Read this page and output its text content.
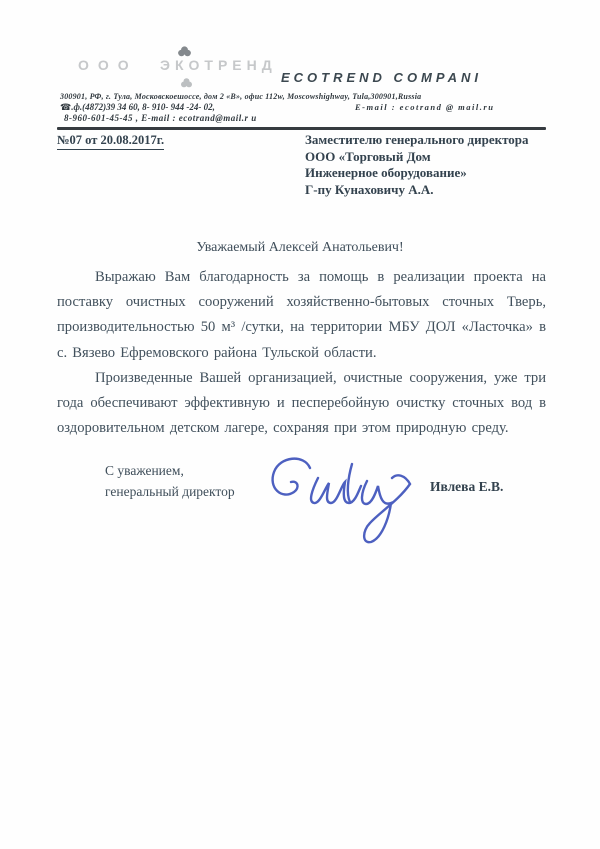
ООО ЭКОТРЕНД
ECOTREND COMPANI
300901, РФ, г. Тула, Московскоешоссе, дом 2 «В», офис 112w, Moscowshighway, Tula,300901,Russia
☎.ф.(4872)39 34 60, 8- 910- 944 -24- 02,	E-mail : ecotrand @ mail.ru
8-960-601-45-45 , E-mail : ecotrand@mail.r u
№07 от 20.08.2017г.	Заместителю генерального директора
ООО «Торговый Дом
Инженерное оборудование»
Г-пу Кунаховичу А.А.
Уважаемый Алексей Анатольевич!

Выражаю Вам благодарность за помощь в реализации проекта на поставку очистных сооружений хозяйственно-бытовых сточных Тверь, производительностью 50 м³ /сутки, на территории МБУ ДОЛ «Ласточка» в с. Вязево Ефремовского района Тульской области.

Произведенные Вашей организацией, очистные сооружения, уже три года обеспечивают эффективную и песперебойную очистку сточных вод в оздоровительном детском лагере, сохраняя при этом природную среду.

С уважением,
генеральный директор	Ивлева Е.В.
